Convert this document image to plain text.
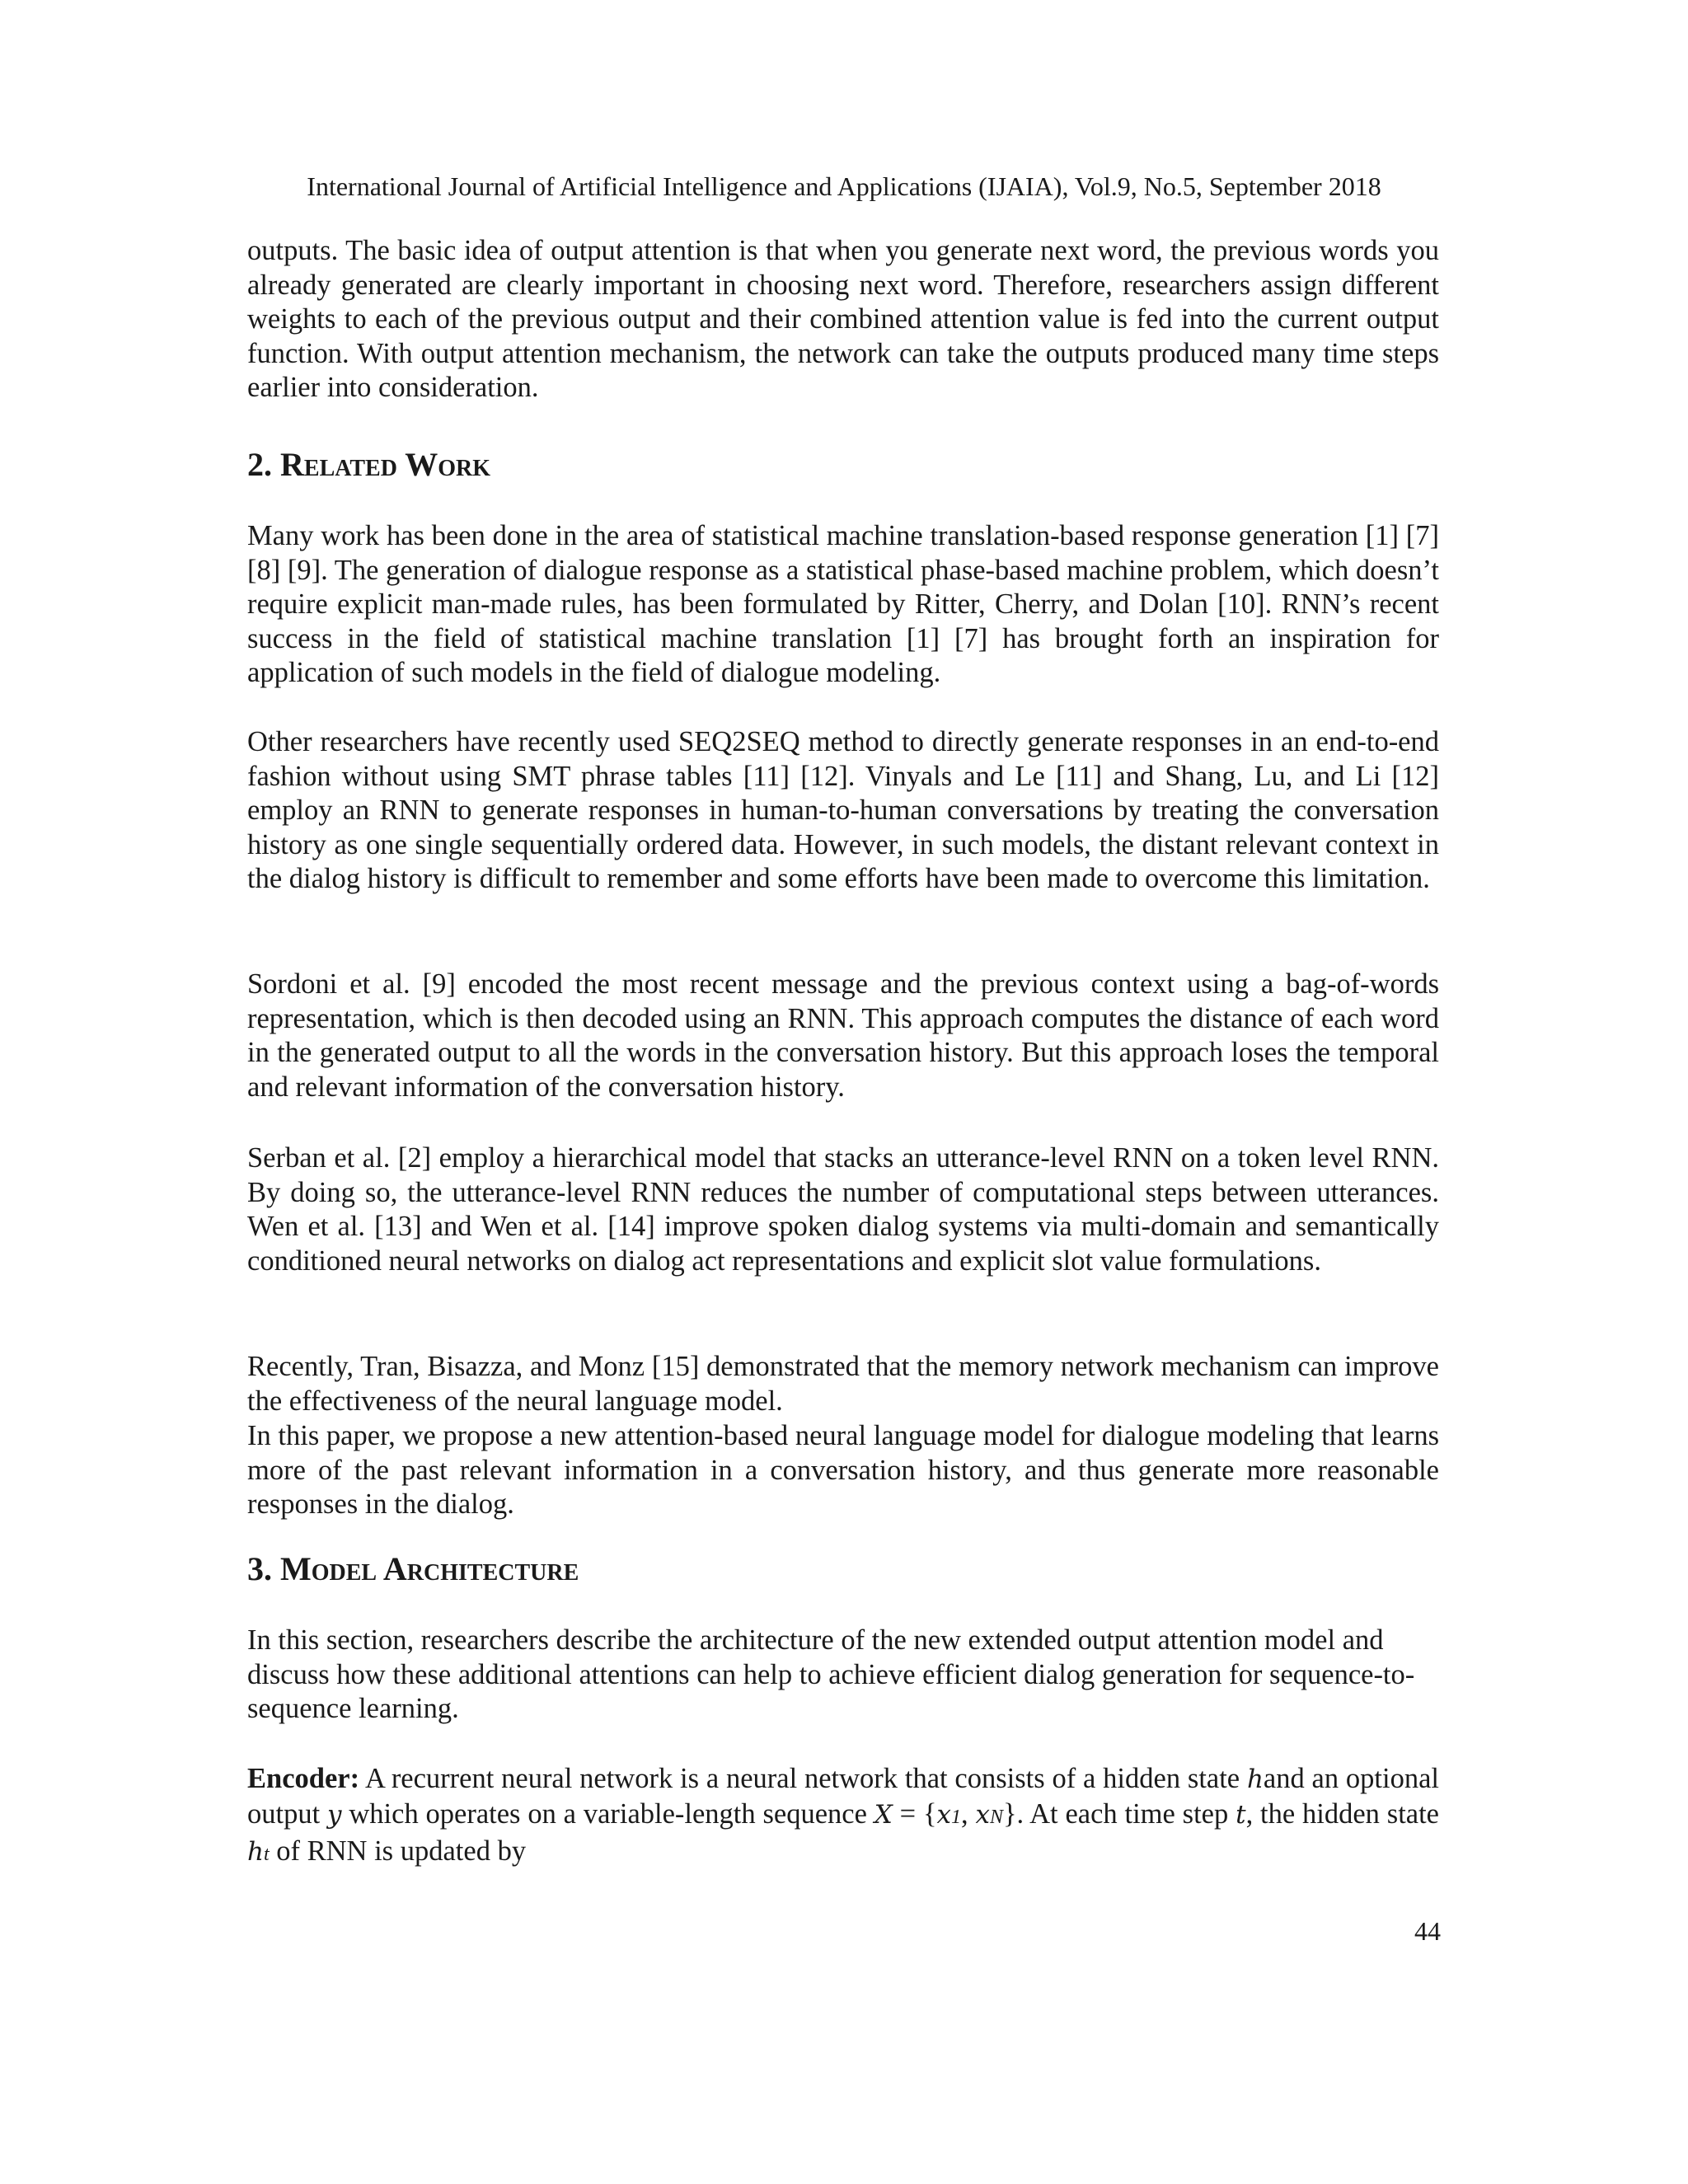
International Journal of Artificial Intelligence and Applications (IJAIA), Vol.9, No.5, September 2018

outputs. The basic idea of output attention is that when you generate next word, the previous words you already generated are clearly important in choosing next word. Therefore, researchers assign different weights to each of the previous output and their combined attention value is fed into the current output function. With output attention mechanism, the network can take the outputs produced many time steps earlier into consideration.

2. Related Work

Many work has been done in the area of statistical machine translation-based response generation [1] [7] [8] [9]. The generation of dialogue response as a statistical phase-based machine problem, which doesn’t require explicit man-made rules, has been formulated by Ritter, Cherry, and Dolan [10]. RNN’s recent success in the field of statistical machine translation [1] [7] has brought forth an inspiration for application of such models in the field of dialogue modeling.

Other researchers have recently used SEQ2SEQ method to directly generate responses in an end-to-end fashion without using SMT phrase tables [11] [12]. Vinyals and Le [11] and Shang, Lu, and Li [12] employ an RNN to generate responses in human-to-human conversations by treating the conversation history as one single sequentially ordered data. However, in such models, the distant relevant context in the dialog history is difficult to remember and some efforts have been made to overcome this limitation.

Sordoni et al. [9] encoded the most recent message and the previous context using a bag-of-words representation, which is then decoded using an RNN. This approach computes the distance of each word in the generated output to all the words in the conversation history. But this approach loses the temporal and relevant information of the conversation history.

Serban et al. [2] employ a hierarchical model that stacks an utterance-level RNN on a token level RNN. By doing so, the utterance-level RNN reduces the number of computational steps between utterances. Wen et al. [13] and Wen et al. [14] improve spoken dialog systems via multi-domain and semantically conditioned neural networks on dialog act representations and explicit slot value formulations.

Recently, Tran, Bisazza, and Monz [15] demonstrated that the memory network mechanism can improve the effectiveness of the neural language model.

In this paper, we propose a new attention-based neural language model for dialogue modeling that learns more of the past relevant information in a conversation history, and thus generate more reasonable responses in the dialog.

3. Model Architecture

In this section, researchers describe the architecture of the new extended output attention model and discuss how these additional attentions can help to achieve efficient dialog generation for sequence-to-sequence learning.

Encoder: A recurrent neural network is a neural network that consists of a hidden state hand an optional output y which operates on a variable-length sequence X = {x1, xN}. At each time step t, the hidden state ht of RNN is updated by

44
